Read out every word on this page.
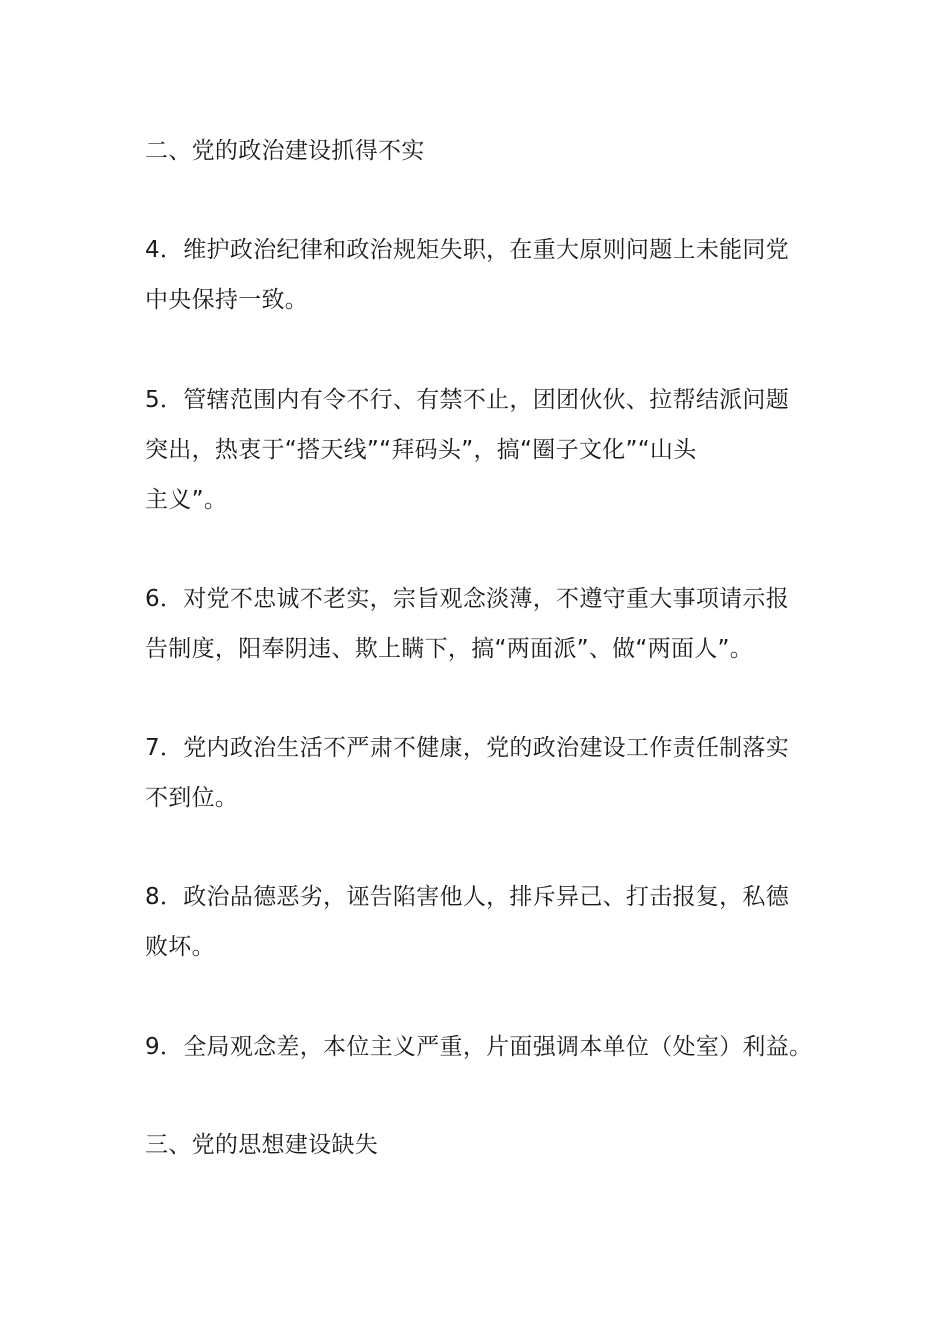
二、党的政治建设抓得不实
4．维护政治纪律和政治规矩失职，在重大原则问题上未能同党
中央保持一致。
5．管辖范围内有令不行、有禁不止，团团伙伙、拉帮结派问题
突出，热衷于“搭天线”“拜码头”，搞“圈子文化”“山头
主义”。
6．对党不忠诚不老实，宗旨观念淡薄，不遵守重大事项请示报
告制度，阳奉阴违、欺上瞒下，搞“两面派”、做“两面人”。
7．党内政治生活不严肃不健康，党的政治建设工作责任制落实
不到位。
8．政治品德恶劣，诬告陷害他人，排斥异己、打击报复，私德
败坏。
9．全局观念差，本位主义严重，片面强调本单位（处室）利益。
三、党的思想建设缺失
